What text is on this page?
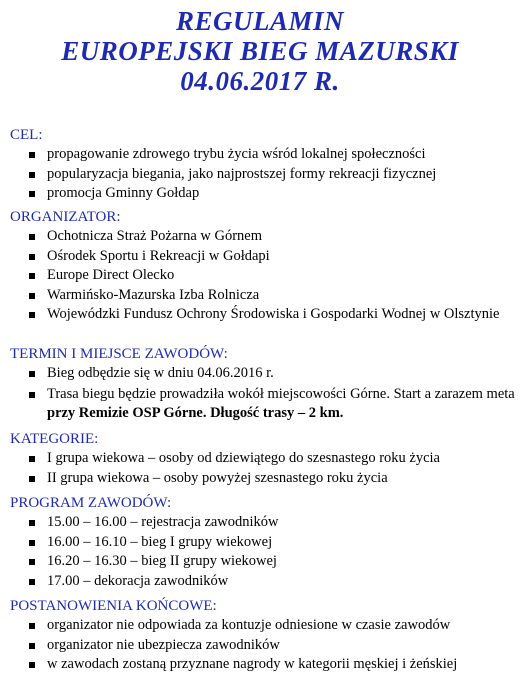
REGULAMIN
EUROPEJSKI BIEG MAZURSKI
04.06.2017 R.
CEL:
propagowanie zdrowego trybu życia wśród lokalnej społeczności
popularyzacja biegania, jako najprostszej formy rekreacji fizycznej
promocja Gminny Gołdap
ORGANIZATOR:
Ochotnicza Straż Pożarna w Górnem
Ośrodek Sportu i Rekreacji w Gołdapi
Europe Direct Olecko
Warmińsko-Mazurska Izba Rolnicza
Wojewódzki Fundusz Ochrony Środowiska i Gospodarki Wodnej w Olsztynie
TERMIN I MIEJSCE ZAWODÓW:
Bieg odbędzie się w dniu 04.06.2016 r.
Trasa biegu będzie prowadziła wokół miejscowości Górne. Start a zarazem meta
przy Remizie OSP Górne. Długość trasy – 2 km.
KATEGORIE:
I grupa wiekowa – osoby od dziewiątego do szesnastego roku życia
II grupa wiekowa – osoby powyżej szesnastego roku życia
PROGRAM ZAWODÓW:
15.00 – 16.00 – rejestracja zawodników
16.00 – 16.10 – bieg I grupy wiekowej
16.20 – 16.30 – bieg II grupy wiekowej
17.00 – dekoracja zawodników
POSTANOWIENIA KOŃCOWE:
organizator nie odpowiada za kontuzje odniesione w czasie zawodów
organizator nie ubezpiecza zawodników
w zawodach zostaną przyznane nagrody w kategorii męskiej i żeńskiej
